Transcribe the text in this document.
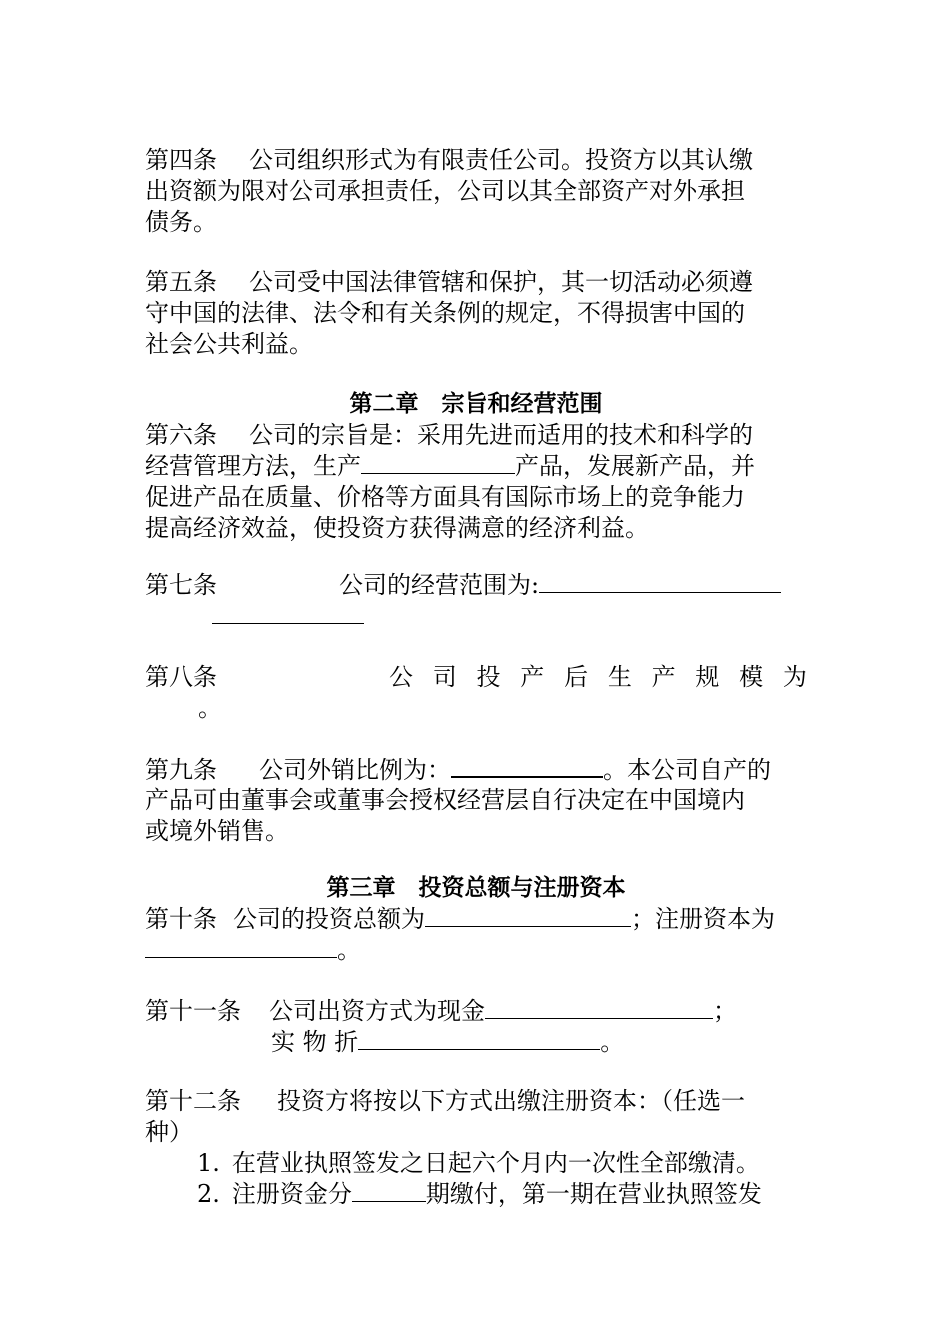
第四条 公司组织形式为有限责任公司。投资方以其认缴
出资额为限对公司承担责任，公司以其全部资产对外承担
债务。
第五条 公司受中国法律管辖和保护，其一切活动必须遵
守中国的法律、法令和有关条例的规定，不得损害中国的
社会公共利益。
第二章　宗旨和经营范围
第六条 公司的宗旨是：采用先进而适用的技术和科学的
经营管理方法，生产	产品，发展新产品，并
促进产品在质量、价格等方面具有国际市场上的竞争能力
提高经济效益，使投资方获得满意的经济利益。
第七条	公司的经营范围为:
第八条	公 司 投 产 后 生 产 规 模 为
。
第九条 公司外销比例为：	。本公司自产的
产品可由董事会或董事会授权经营层自行决定在中国境内
或境外销售。
第三章　投资总额与注册资本
第十条 公司的投资总额为	；注册资本为
。
第十一条 公司出资方式为现金	；
实 物 折	。
第十二条 投资方将按以下方式出缴注册资本：（任选一
种）
1. 在营业执照签发之日起六个月内一次性全部缴清。
2. 注册资金分	期缴付，第一期在营业执照签发
